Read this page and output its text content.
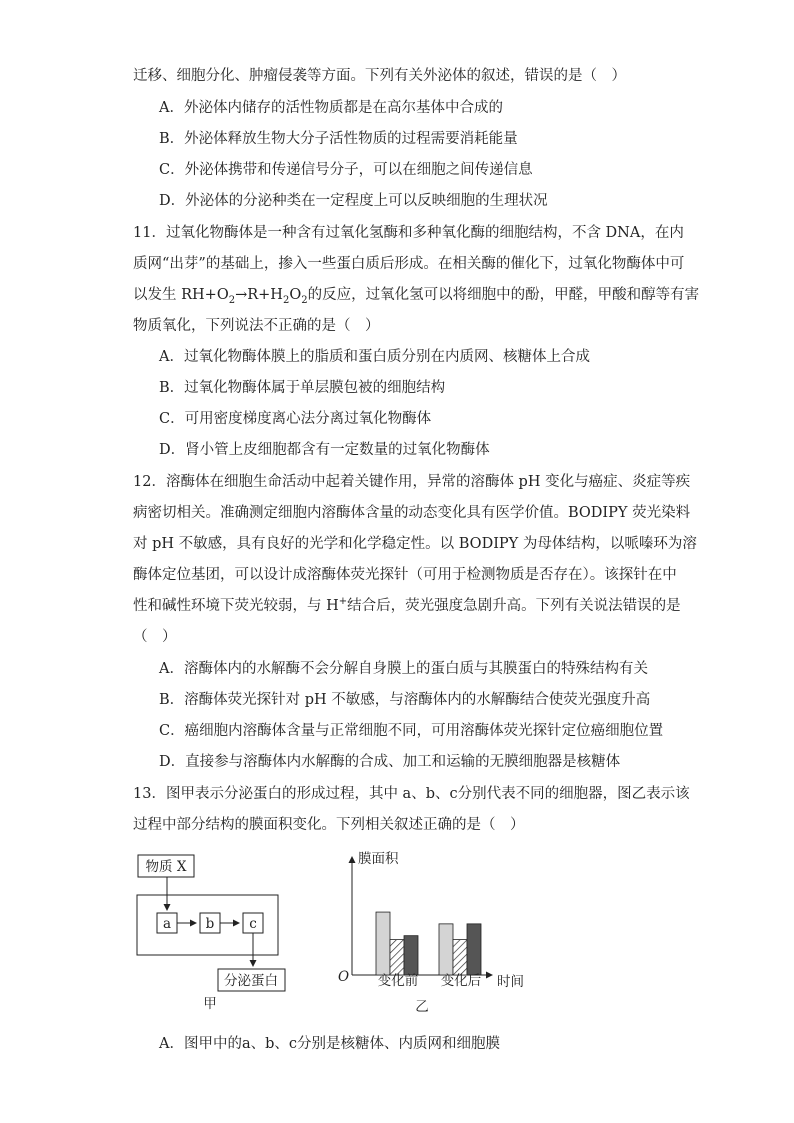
迁移、细胞分化、肿瘤侵袭等方面。下列有关外泌体的叙述，错误的是（　）
A．外泌体内储存的活性物质都是在高尔基体中合成的
B．外泌体释放生物大分子活性物质的过程需要消耗能量
C．外泌体携带和传递信号分子，可以在细胞之间传递信息
D．外泌体的分泌种类在一定程度上可以反映细胞的生理状况
11．过氧化物酶体是一种含有过氧化氢酶和多种氧化酶的细胞结构，不含 DNA，在内
质网“出芽”的基础上，掺入一些蛋白质后形成。在相关酶的催化下，过氧化物酶体中可
以发生 $RH+O_2\to R+H_2O_2$的反应，过氧化氢可以将细胞中的酚，甲醛，甲酸和醇等有害
物质氧化，下列说法不正确的是（　）
A．过氧化物酶体膜上的脂质和蛋白质分别在内质网、核糖体上合成
B．过氧化物酶体属于单层膜包被的细胞结构
C．可用密度梯度离心法分离过氧化物酶体
D．肾小管上皮细胞都含有一定数量的过氧化物酶体
12．溶酶体在细胞生命活动中起着关键作用，异常的溶酶体 pH 变化与癌症、炎症等疾
病密切相关。准确测定细胞内溶酶体含量的动态变化具有医学价值。BODIPY 荧光染料
对 pH 不敏感，具有良好的光学和化学稳定性。以 BODIPY 为母体结构，以哌嗪环为溶
酶体定位基团，可以设计成溶酶体荧光探针（可用于检测物质是否存在）。该探针在中
性和碱性环境下荧光较弱，与 H+结合后，荧光强度急剧升高。下列有关说法错误的是
（　）
A．溶酶体内的水解酶不会分解自身膜上的蛋白质与其膜蛋白的特殊结构有关
B．溶酶体荧光探针对 pH 不敏感，与溶酶体内的水解酶结合使荧光强度升高
C．癌细胞内溶酶体含量与正常细胞不同，可用溶酶体荧光探针定位癌细胞位置
D．直接参与溶酶体内水解酶的合成、加工和运输的无膜细胞器是核糖体
13．图甲表示分泌蛋白的形成过程，其中 a、b、c分别代表不同的细胞器，图乙表示该
过程中部分结构的膜面积变化。下列相关叙述正确的是（　）
物质 X
a	b	c
分泌蛋白
甲
膜面积
时间
O 变化前 变化后
乙
A．图甲中的a、b、c分别是核糖体、内质网和细胞膜
